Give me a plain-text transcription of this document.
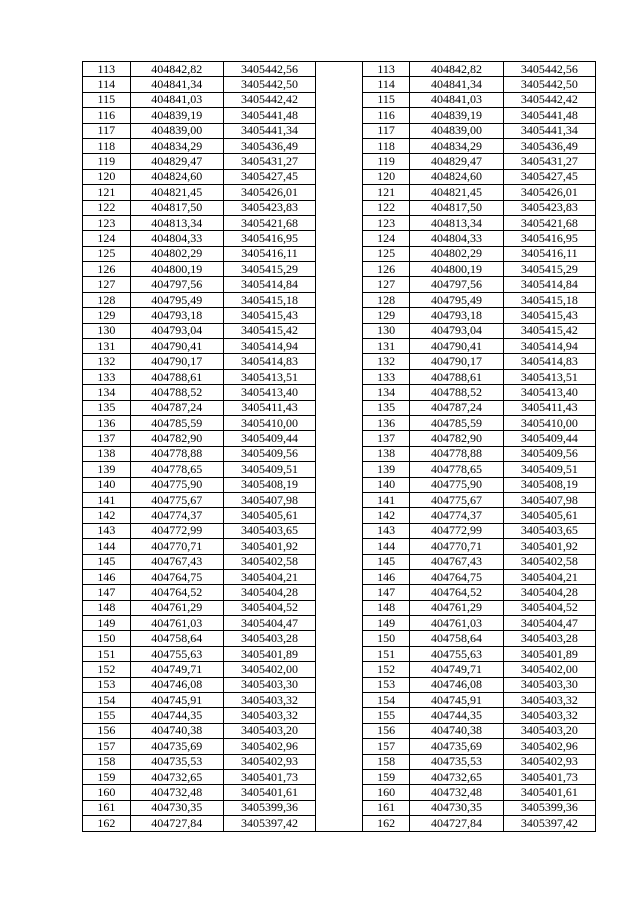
113	404842,82	3405442,56		113	404842,82	3405442,56
114	404841,34	3405442,50		114	404841,34	3405442,50
115	404841,03	3405442,42		115	404841,03	3405442,42
116	404839,19	3405441,48		116	404839,19	3405441,48
117	404839,00	3405441,34		117	404839,00	3405441,34
118	404834,29	3405436,49		118	404834,29	3405436,49
119	404829,47	3405431,27		119	404829,47	3405431,27
120	404824,60	3405427,45		120	404824,60	3405427,45
121	404821,45	3405426,01		121	404821,45	3405426,01
122	404817,50	3405423,83		122	404817,50	3405423,83
123	404813,34	3405421,68		123	404813,34	3405421,68
124	404804,33	3405416,95		124	404804,33	3405416,95
125	404802,29	3405416,11		125	404802,29	3405416,11
126	404800,19	3405415,29		126	404800,19	3405415,29
127	404797,56	3405414,84		127	404797,56	3405414,84
128	404795,49	3405415,18		128	404795,49	3405415,18
129	404793,18	3405415,43		129	404793,18	3405415,43
130	404793,04	3405415,42		130	404793,04	3405415,42
131	404790,41	3405414,94		131	404790,41	3405414,94
132	404790,17	3405414,83		132	404790,17	3405414,83
133	404788,61	3405413,51		133	404788,61	3405413,51
134	404788,52	3405413,40		134	404788,52	3405413,40
135	404787,24	3405411,43		135	404787,24	3405411,43
136	404785,59	3405410,00		136	404785,59	3405410,00
137	404782,90	3405409,44		137	404782,90	3405409,44
138	404778,88	3405409,56		138	404778,88	3405409,56
139	404778,65	3405409,51		139	404778,65	3405409,51
140	404775,90	3405408,19		140	404775,90	3405408,19
141	404775,67	3405407,98		141	404775,67	3405407,98
142	404774,37	3405405,61		142	404774,37	3405405,61
143	404772,99	3405403,65		143	404772,99	3405403,65
144	404770,71	3405401,92		144	404770,71	3405401,92
145	404767,43	3405402,58		145	404767,43	3405402,58
146	404764,75	3405404,21		146	404764,75	3405404,21
147	404764,52	3405404,28		147	404764,52	3405404,28
148	404761,29	3405404,52		148	404761,29	3405404,52
149	404761,03	3405404,47		149	404761,03	3405404,47
150	404758,64	3405403,28		150	404758,64	3405403,28
151	404755,63	3405401,89		151	404755,63	3405401,89
152	404749,71	3405402,00		152	404749,71	3405402,00
153	404746,08	3405403,30		153	404746,08	3405403,30
154	404745,91	3405403,32		154	404745,91	3405403,32
155	404744,35	3405403,32		155	404744,35	3405403,32
156	404740,38	3405403,20		156	404740,38	3405403,20
157	404735,69	3405402,96		157	404735,69	3405402,96
158	404735,53	3405402,93		158	404735,53	3405402,93
159	404732,65	3405401,73		159	404732,65	3405401,73
160	404732,48	3405401,61		160	404732,48	3405401,61
161	404730,35	3405399,36		161	404730,35	3405399,36
162	404727,84	3405397,42		162	404727,84	3405397,42
